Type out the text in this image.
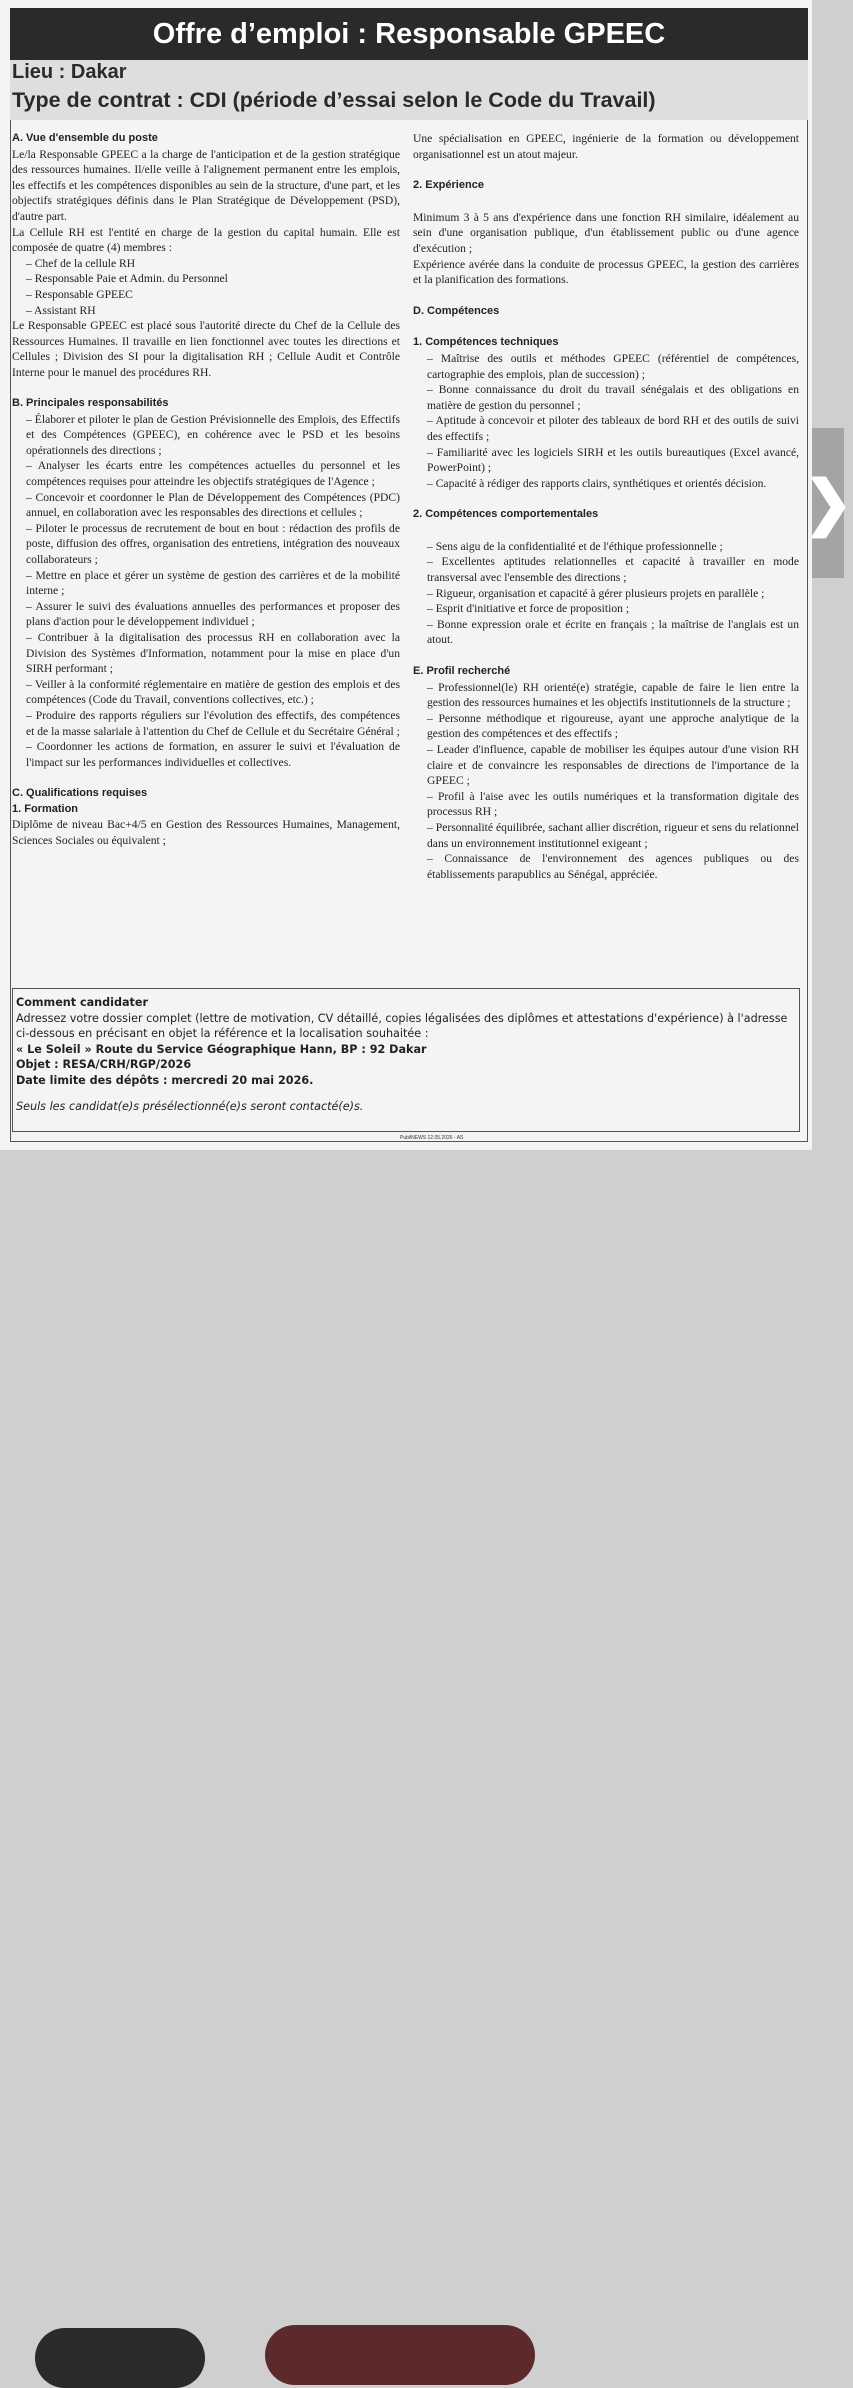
Offre d’emploi : Responsable GPEEC
Lieu : Dakar
Type de contrat : CDI (période d’essai selon le Code du Travail)

A. Vue d'ensemble du poste

Le/la Responsable GPEEC a la charge de l'anticipation et de la gestion stratégique des ressources humaines. Il/elle veille à l'alignement permanent entre les emplois, les effectifs et les compétences disponibles au sein de la structure, d'une part, et les objectifs stratégiques définis dans le Plan Stratégique de Développement (PSD), d'autre part.

La Cellule RH est l'entité en charge de la gestion du capital humain. Elle est composée de quatre (4) membres :

– Chef de la cellule RH

– Responsable Paie et Admin. du Personnel

– Responsable GPEEC

– Assistant RH

Le Responsable GPEEC est placé sous l'autorité directe du Chef de la Cellule des Ressources Humaines. Il travaille en lien fonctionnel avec toutes les directions et Cellules ; Division des SI pour la digitalisation RH ; Cellule Audit et Contrôle Interne pour le manuel des procédures RH.

B. Principales responsabilités

– Élaborer et piloter le plan de Gestion Prévisionnelle des Emplois, des Effectifs et des Compétences (GPEEC), en cohérence avec le PSD et les besoins opérationnels des directions ;

– Analyser les écarts entre les compétences actuelles du personnel et les compétences requises pour atteindre les objectifs stratégiques de l'Agence ;

– Concevoir et coordonner le Plan de Développement des Compétences (PDC) annuel, en collaboration avec les responsables des directions et cellules ;

– Piloter le processus de recrutement de bout en bout : rédaction des profils de poste, diffusion des offres, organisation des entretiens, intégration des nouveaux collaborateurs ;

– Mettre en place et gérer un système de gestion des carrières et de la mobilité interne ;

– Assurer le suivi des évaluations annuelles des performances et proposer des plans d'action pour le développement individuel ;

– Contribuer à la digitalisation des processus RH en collaboration avec la Division des Systèmes d'Information, notamment pour la mise en place d'un SIRH performant ;

– Veiller à la conformité réglementaire en matière de gestion des emplois et des compétences (Code du Travail, conventions collectives, etc.) ;

– Produire des rapports réguliers sur l'évolution des effectifs, des compétences et de la masse salariale à l'attention du Chef de Cellule et du Secrétaire Général ;

– Coordonner les actions de formation, en assurer le suivi et l'évaluation de l'impact sur les performances individuelles et collectives.

C. Qualifications requises

1. Formation

Diplôme de niveau Bac+4/5 en Gestion des Ressources Humaines, Management, Sciences Sociales ou équivalent ;

Une spécialisation en GPEEC, ingénierie de la formation ou développement organisationnel est un atout majeur.

2. Expérience

Minimum 3 à 5 ans d'expérience dans une fonction RH similaire, idéalement au sein d'une organisation publique, d'un établissement public ou d'une agence d'exécution ;

Expérience avérée dans la conduite de processus GPEEC, la gestion des carrières et la planification des formations.

D. Compétences

1. Compétences techniques

– Maîtrise des outils et méthodes GPEEC (référentiel de compétences, cartographie des emplois, plan de succession) ;

– Bonne connaissance du droit du travail sénégalais et des obligations en matière de gestion du personnel ;

– Aptitude à concevoir et piloter des tableaux de bord RH et des outils de suivi des effectifs ;

– Familiarité avec les logiciels SIRH et les outils bureautiques (Excel avancé, PowerPoint) ;

– Capacité à rédiger des rapports clairs, synthétiques et orientés décision.

2. Compétences comportementales

– Sens aigu de la confidentialité et de l'éthique professionnelle ;

– Excellentes aptitudes relationnelles et capacité à travailler en mode transversal avec l'ensemble des directions ;

– Rigueur, organisation et capacité à gérer plusieurs projets en parallèle ;

– Esprit d'initiative et force de proposition ;

– Bonne expression orale et écrite en français ; la maîtrise de l'anglais est un atout.

E. Profil recherché

– Professionnel(le) RH orienté(e) stratégie, capable de faire le lien entre la gestion des ressources humaines et les objectifs institutionnels de la structure ;

– Personne méthodique et rigoureuse, ayant une approche analytique de la gestion des compétences et des effectifs ;

– Leader d'influence, capable de mobiliser les équipes autour d'une vision RH claire et de convaincre les responsables de directions de l'importance de la GPEEC ;

– Profil à l'aise avec les outils numériques et la transformation digitale des processus RH ;

– Personnalité équilibrée, sachant allier discrétion, rigueur et sens du relationnel dans un environnement institutionnel exigeant ;

– Connaissance de l'environnement des agences publiques ou des établissements parapublics au Sénégal, appréciée.

Comment candidater

Adressez votre dossier complet (lettre de motivation, CV détaillé, copies légalisées des diplômes et attestations d'expérience) à l'adresse ci-dessous en précisant en objet la référence et la localisation souhaitée :

« Le Soleil » Route du Service Géographique Hann, BP : 92 Dakar

Objet : RESA/CRH/RGP/2026

Date limite des dépôts : mercredi 20 mai 2026.

Seuls les candidat(e)s présélectionné(e)s seront contacté(e)s.

PubliNEWS 12.05.2026 - AS
❯
